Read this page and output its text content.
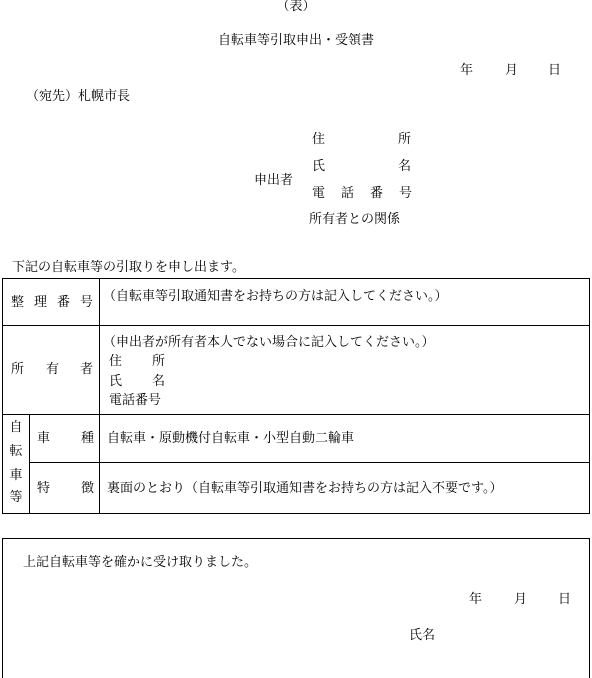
（表）
自転車等引取申出・受領書
年 月 日
（宛先）札幌市長
申出者
住	所
氏	名
電 話 番 号
所有者との関係
下記の自転車等の引取りを申し出ます。
整 理 番 号 （自転車等引取通知書をお持ちの方は記入してください。）
所 有 者
（申出者が所有者本人でない場合に記入してください。）
住 所
氏 名
電話番号
自
転
車
等
車 種 自転車・原動機付自転車・小型自動二輪車
特 徴 裏面のとおり（自転車等引取通知書をお持ちの方は記入不要です。）
上記自転車等を確かに受け取りました。
年 月 日
氏名
